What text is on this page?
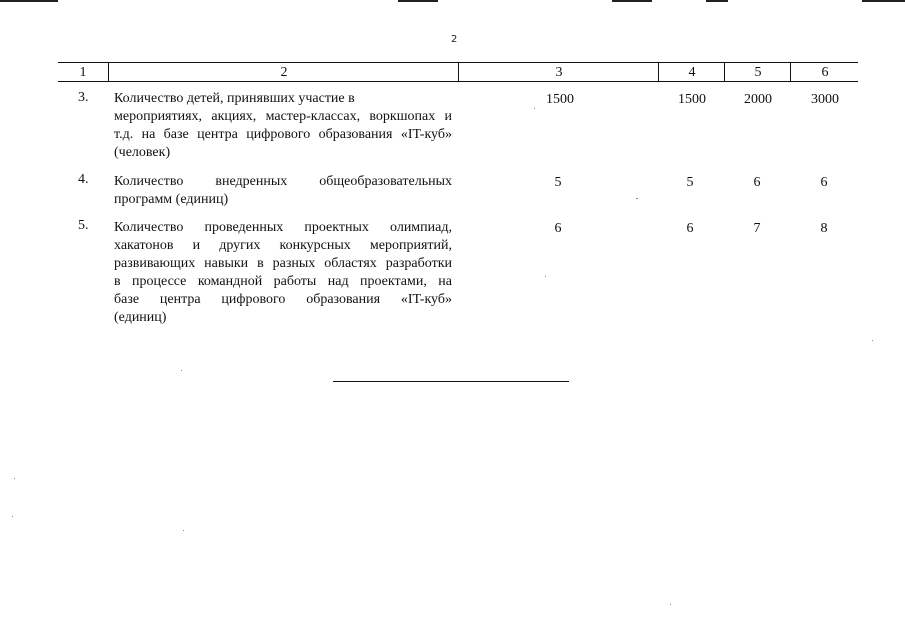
2
1	2	3	4	5	6
3. Количество детей, принявших участие в
мероприятиях, акциях, мастер-классах, воркшопах и
т.д. на базе центра цифрового образования «IT-куб»
(человек)
1500	1500	2000	3000
4. Количество внедренных общеобразовательных
программ (единиц)
5	5	6	6
5. Количество проведенных проектных олимпиад,
хакатонов и других конкурсных мероприятий,
развивающих навыки в разных областях разработки
в процессе командной работы над проектами, на
базе центра цифрового образования «IT-куб»
(единиц)
6	6	7	8
